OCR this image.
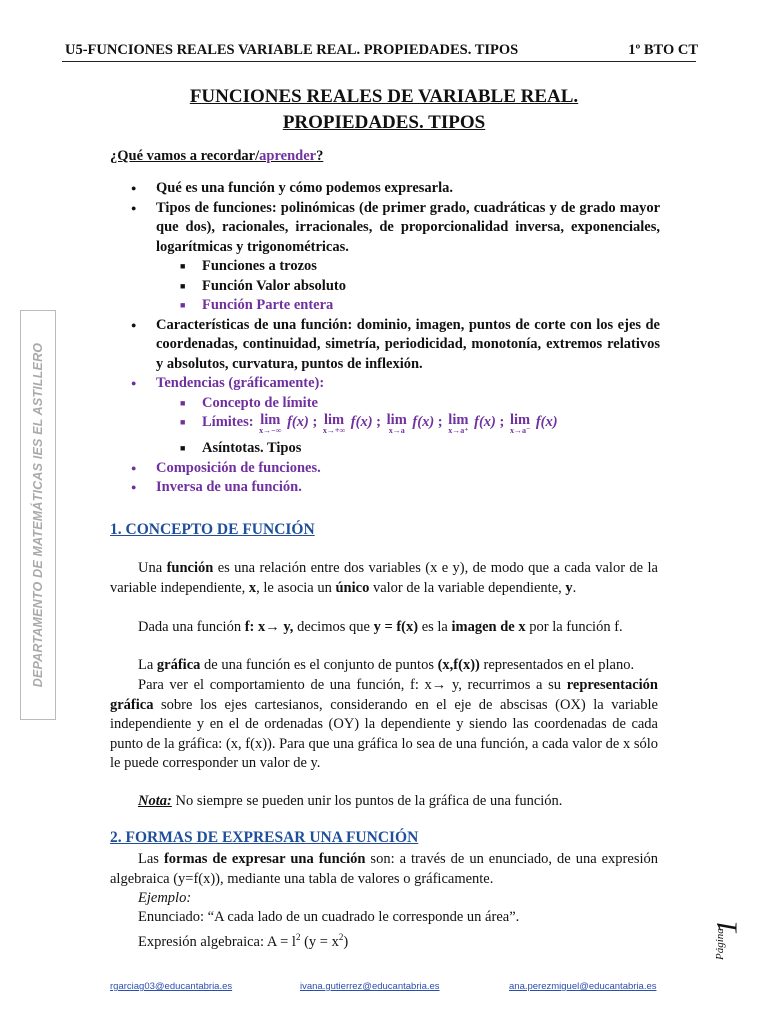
U5-FUNCIONES REALES VARIABLE REAL. PROPIEDADES. TIPOS	1º BTO CT
FUNCIONES REALES DE VARIABLE REAL.
PROPIEDADES. TIPOS
¿Qué vamos a recordar/aprender?
● Qué es una función y cómo podemos expresarla.
● Tipos de funciones: polinómicas (de primer grado, cuadráticas y de grado mayor que dos), racionales, irracionales, de proporcionalidad inversa, exponenciales, logarítmicas y trigonométricas.
■ Funciones a trozos
■ Función Valor absoluto
■ Función Parte entera
● Características de una función: dominio, imagen, puntos de corte con los ejes de coordenadas, continuidad, simetría, periodicidad, monotonía, extremos relativos y absolutos, curvatura, puntos de inflexión.
● Tendencias (gráficamente):
■ Concepto de límite
■ Límites: lim
x→−∞
f(x) ; lim
x→+∞
f(x) ; lim
x→a
f(x) ; lim
x→a⁺
f(x) ; lim
x→a⁻
f(x)
■ Asíntotas. Tipos
● Composición de funciones.
● Inversa de una función.
1. CONCEPTO DE FUNCIÓN
Una función es una relación entre dos variables (x e y), de modo que a cada valor de la variable independiente, x, le asocia un único valor de la variable dependiente, y.
Dada una función f: x→ y, decimos que y = f(x) es la imagen de x por la función f.
La gráfica de una función es el conjunto de puntos (x,f(x)) representados en el plano.
Para ver el comportamiento de una función, f: x→ y, recurrimos a su representación gráfica sobre los ejes cartesianos, considerando en el eje de abscisas (OX) la variable independiente y en el de ordenadas (OY) la dependiente y siendo las coordenadas de cada punto de la gráfica: (x, f(x)). Para que una gráfica lo sea de una función, a cada valor de x sólo le puede corresponder un valor de y.
Nota: No siempre se pueden unir los puntos de la gráfica de una función.
2. FORMAS DE EXPRESAR UNA FUNCIÓN
Las formas de expresar una función son: a través de un enunciado, de una expresión algebraica (y=f(x)), mediante una tabla de valores o gráficamente.
Ejemplo:
Enunciado: “A cada lado de un cuadrado le corresponde un área”.
Expresión algebraica: $A = l^2$ $(y = x^2)$
DEPARTAMENTO DE MATEMÁTICAS IES EL ASTILLERO
1
Página
rgarciag03@educantabria.es	ivana.gutierrez@educantabria.es	ana.perezmiguel@educantabria.es
